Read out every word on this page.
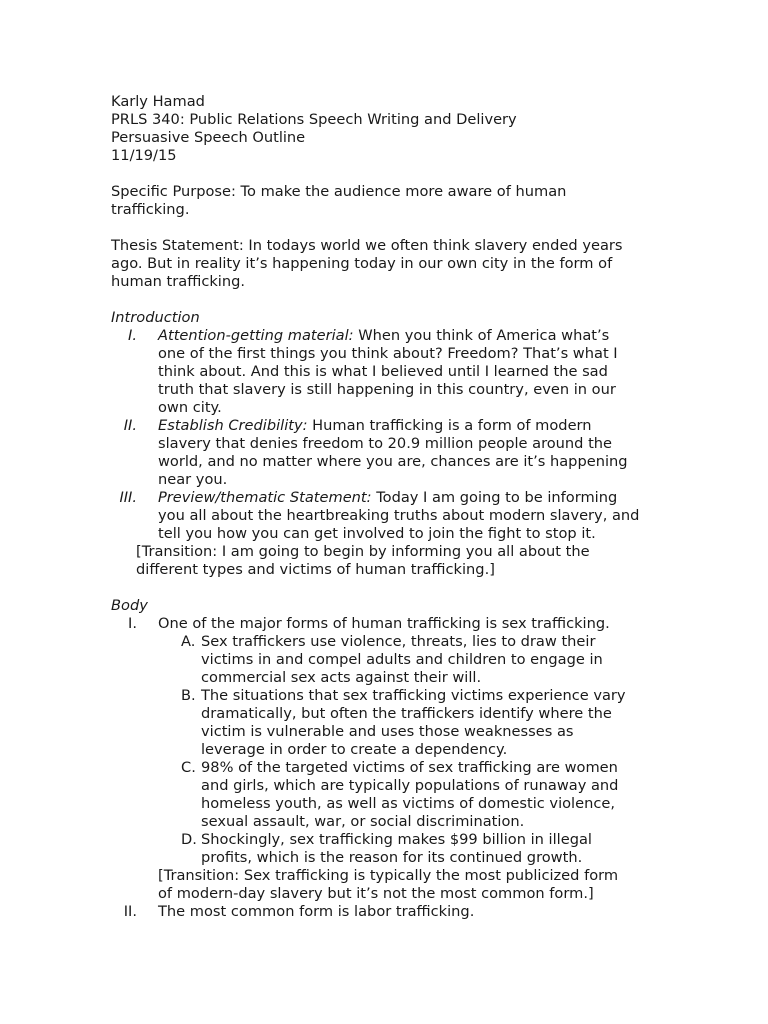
Karly Hamad
PRLS 340: Public Relations Speech Writing and Delivery
Persuasive Speech Outline
11/19/15
Specific Purpose: To make the audience more aware of human
trafficking.
Thesis Statement: In todays world we often think slavery ended years
ago. But in reality it’s happening today in our own city in the form of
human trafficking.
Introduction
I. Attention-getting material: When you think of America what’s
one of the first things you think about? Freedom? That’s what I
think about. And this is what I believed until I learned the sad
truth that slavery is still happening in this country, even in our
own city.
II. Establish Credibility: Human trafficking is a form of modern
slavery that denies freedom to 20.9 million people around the
world, and no matter where you are, chances are it’s happening
near you.
III. Preview/thematic Statement: Today I am going to be informing
you all about the heartbreaking truths about modern slavery, and
tell you how you can get involved to join the fight to stop it.
[Transition: I am going to begin by informing you all about the
different types and victims of human trafficking.]
Body
I. One of the major forms of human trafficking is sex trafficking.
A. Sex traffickers use violence, threats, lies to draw their
victims in and compel adults and children to engage in
commercial sex acts against their will.
B. The situations that sex trafficking victims experience vary
dramatically, but often the traffickers identify where the
victim is vulnerable and uses those weaknesses as
leverage in order to create a dependency.
C. 98% of the targeted victims of sex trafficking are women
and girls, which are typically populations of runaway and
homeless youth, as well as victims of domestic violence,
sexual assault, war, or social discrimination.
D. Shockingly, sex trafficking makes $99 billion in illegal
profits, which is the reason for its continued growth.
[Transition: Sex trafficking is typically the most publicized form
of modern-day slavery but it’s not the most common form.]
II. The most common form is labor trafficking.
